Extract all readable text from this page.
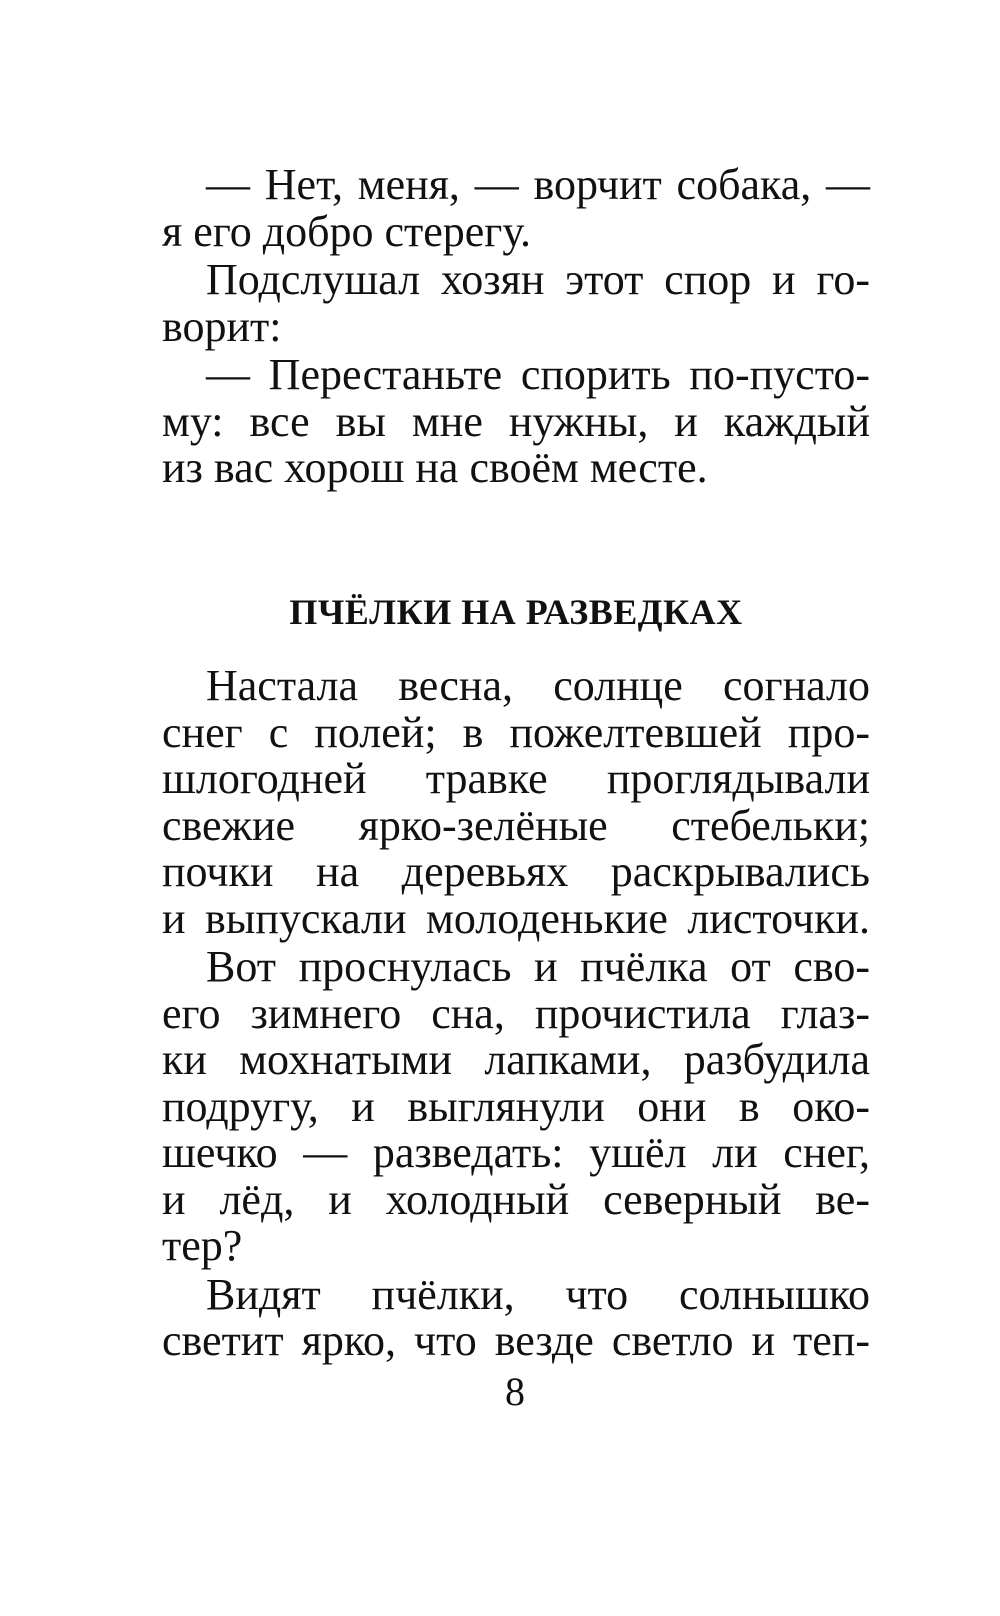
— Нет, меня, — ворчит собака, —
я его добро стерегу.
Подслушал хозян этот спор и го-
ворит:
— Перестаньте спорить по-пусто-
му: все вы мне нужны, и каждый
из вас хорош на своём месте.
ПЧЁЛКИ НА РАЗВЕДКАХ
Настала весна, солнце согнало
снег с полей; в пожелтевшей про-
шлогодней травке проглядывали
свежие ярко-зелёные стебельки;
почки на деревьях раскрывались
и выпускали молоденькие листочки.
Вот проснулась и пчёлка от сво-
его зимнего сна, прочистила глаз-
ки мохнатыми лапками, разбудила
подругу, и выглянули они в око-
шечко — разведать: ушёл ли снег,
и лёд, и холодный северный ве-
тер?
Видят пчёлки, что солнышко
светит ярко, что везде светло и теп-
8
